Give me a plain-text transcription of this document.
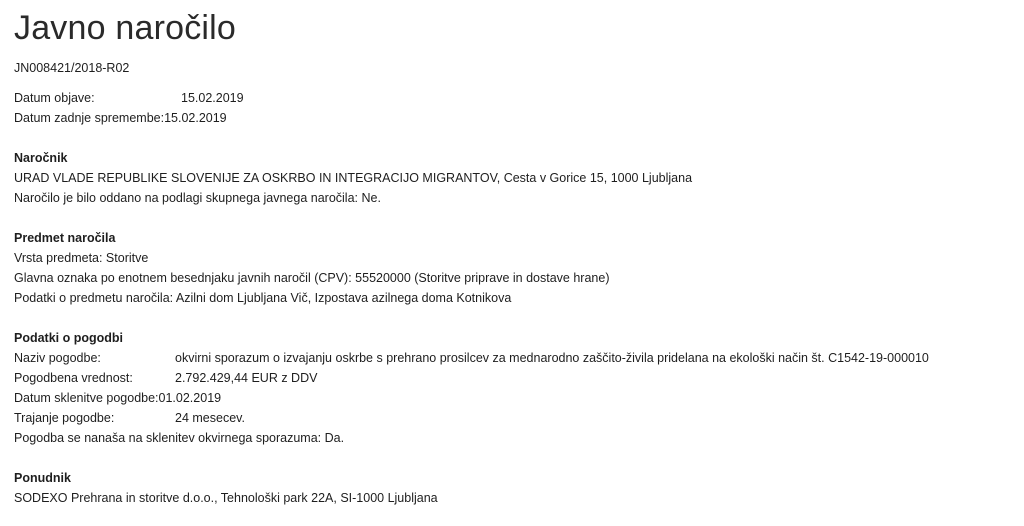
Javno naročilo
JN008421/2018-R02
Datum objave:	15.02.2019
Datum zadnje spremembe: 15.02.2019
Naročnik
URAD VLADE REPUBLIKE SLOVENIJE ZA OSKRBO IN INTEGRACIJO MIGRANTOV, Cesta v Gorice 15, 1000 Ljubljana
Naročilo je bilo oddano na podlagi skupnega javnega naročila: Ne.
Predmet naročila
Vrsta predmeta: Storitve
Glavna oznaka po enotnem besednjaku javnih naročil (CPV): 55520000 (Storitve priprave in dostave hrane)
Podatki o predmetu naročila: Azilni dom Ljubljana Vič, Izpostava azilnega doma Kotnikova
Podatki o pogodbi
Naziv pogodbe:	okvirni sporazum o izvajanju oskrbe s prehrano prosilcev za mednarodno zaščito-živila pridelana na ekološki način št. C1542-19-000010
Pogodbena vrednost:	2.792.429,44 EUR z DDV
Datum sklenitve pogodbe: 01.02.2019
Trajanje pogodbe:	24 mesecev.
Pogodba se nanaša na sklenitev okvirnega sporazuma: Da.
Ponudnik
SODEXO Prehrana in storitve d.o.o., Tehnološki park 22A, SI-1000 Ljubljana
